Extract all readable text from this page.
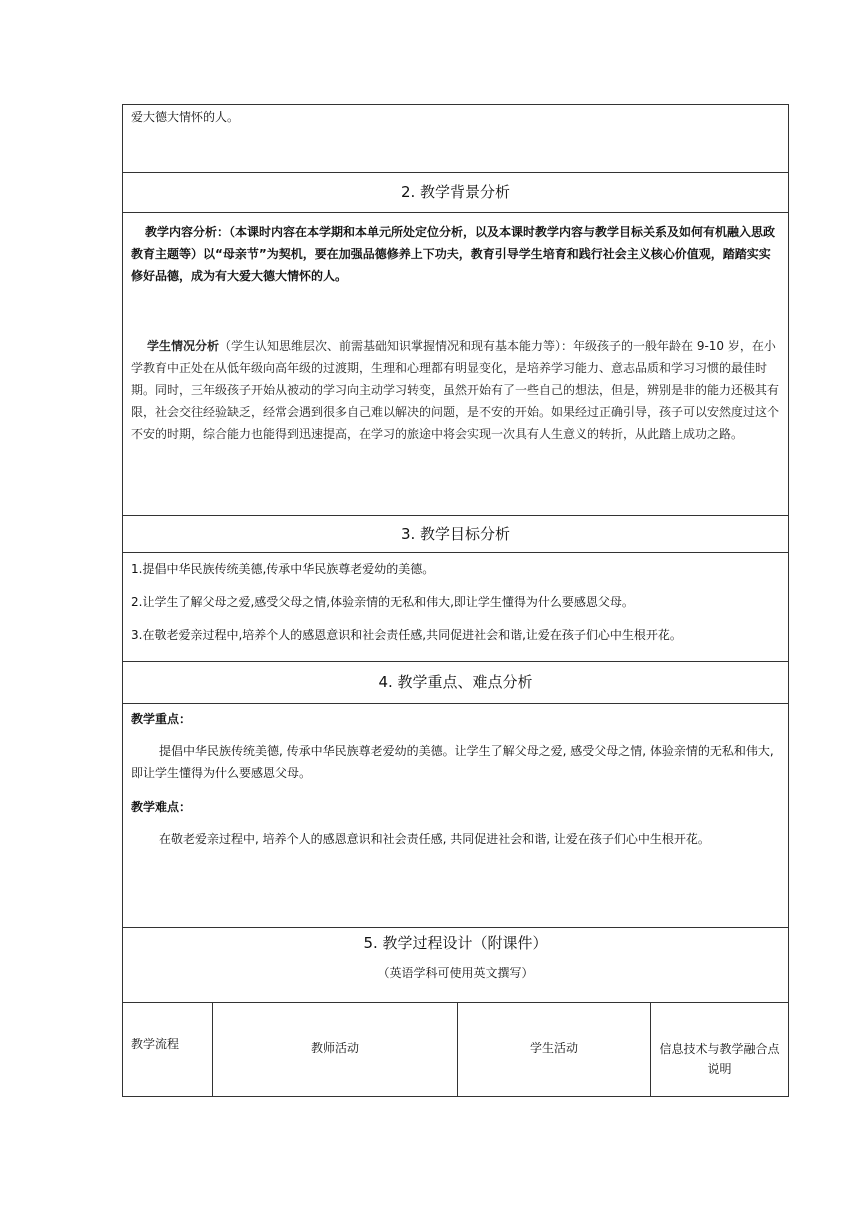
爱大德大情怀的人。

2. 教学背景分析

教学内容分析：（本课时内容在本学期和本单元所处定位分析，以及本课时教学内容与教学目标关系及如何有机融入思政教育主题等）以“母亲节”为契机，要在加强品德修养上下功夫，教育引导学生培育和践行社会主义核心价值观，踏踏实实修好品德，成为有大爱大德大情怀的人。

学生情况分析（学生认知思维层次、前需基础知识掌握情况和现有基本能力等）：年级孩子的一般年龄在 9-10 岁，在小学教育中正处在从低年级向高年级的过渡期，生理和心理都有明显变化，是培养学习能力、意志品质和学习习惯的最佳时期。同时，三年级孩子开始从被动的学习向主动学习转变，虽然开始有了一些自己的想法，但是，辨别是非的能力还极其有限，社会交往经验缺乏，经常会遇到很多自己难以解决的问题，是不安的开始。如果经过正确引导，孩子可以安然度过这个不安的时期，综合能力也能得到迅速提高，在学习的旅途中将会实现一次具有人生意义的转折，从此踏上成功之路。

3. 教学目标分析

1.提倡中华民族传统美德,传承中华民族尊老爱幼的美德。

2.让学生了解父母之爱,感受父母之情,体验亲情的无私和伟大,即让学生懂得为什么要感恩父母。

3.在敬老爱亲过程中,培养个人的感恩意识和社会责任感,共同促进社会和谐,让爱在孩子们心中生根开花。

4. 教学重点、难点分析

教学重点：

提倡中华民族传统美德, 传承中华民族尊老爱幼的美德。让学生了解父母之爱, 感受父母之情, 体验亲情的无私和伟大, 即让学生懂得为什么要感恩父母。

教学难点：

在敬老爱亲过程中, 培养个人的感恩意识和社会责任感, 共同促进社会和谐, 让爱在孩子们心中生根开花。

5. 教学过程设计（附课件）
（英语学科可使用英文撰写）
教学流程	教师活动	学生活动	信息技术与教学融合点说明
